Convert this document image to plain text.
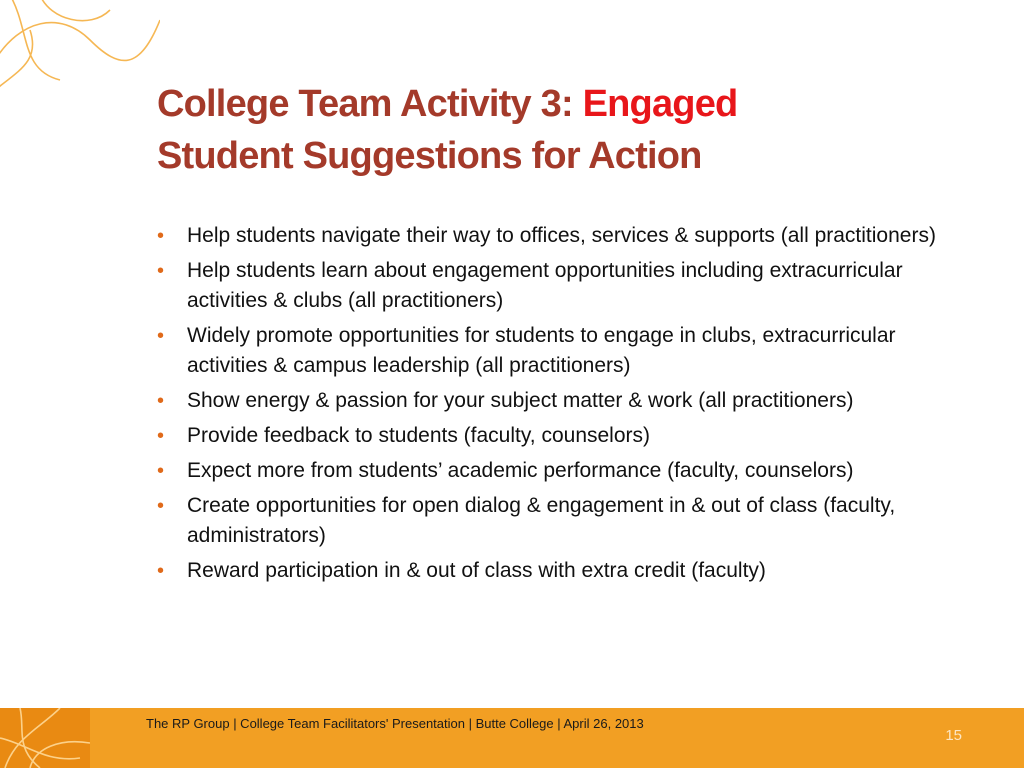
College Team Activity 3: Engaged
Student Suggestions for Action
• Help students navigate their way to offices, services & supports (all practitioners)
• Help students learn about engagement opportunities including extracurricular activities & clubs (all practitioners)
• Widely promote opportunities for students to engage in clubs, extracurricular activities & campus leadership (all practitioners)
• Show energy & passion for your subject matter & work (all practitioners)
• Provide feedback to students (faculty, counselors)
• Expect more from students’ academic performance (faculty, counselors)
• Create opportunities for open dialog & engagement in & out of class (faculty, administrators)
• Reward participation in & out of class with extra credit (faculty)
The RP Group | College Team Facilitators' Presentation | Butte College | April 26, 2013
15
